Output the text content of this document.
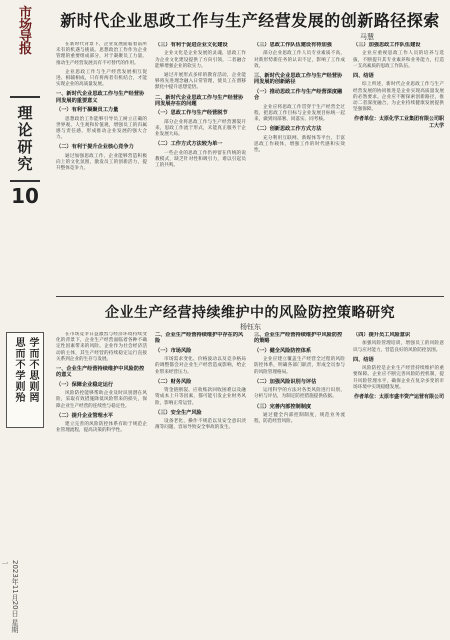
市
场
导
报
理论研究
10
学而不思则罔
思而不学则殆
2023年11月20日 星期一
新时代企业思政工作与生产经营发展的创新路径探索
马慧
在新时代背景下，企业发展面临着前所未有的机遇与挑战。思想政治工作作为企业管理的重要组成部分，对于凝聚员工力量、推动生产经营发展具有不可替代的作用。
企业思政工作与生产经营发展相互促进、相辅相成，只有将两者有机结合，才能实现企业的高质量发展。
一、新时代企业思政工作与生产经营协同发展的重要意义
（一）有利于凝聚员工力量
思想政治工作能够引导员工树立正确的世界观、人生观和价值观，增强员工的归属感与责任感，形成推动企业发展的强大合力。
（二）有利于提升企业核心竞争力
通过加强思政工作，企业能够营造积极向上的文化氛围，激发员工的创新活力，提升整体竞争力。
（三）有利于促进企业文化建设
企业文化是企业发展的灵魂，思政工作为企业文化建设提供了方向引领，二者融合能够增强企业的软实力。
通过开展形式多样的教育活动，企业能够将先进理念融入日常管理，使员工在潜移默化中提升思想觉悟。
二、新时代企业思政工作与生产经营协同发展存在的问题
（一）思政工作与生产经营脱节
部分企业将思政工作与生产经营割裂开来，思政工作流于形式，未能真正服务于企业发展大局。
（二）工作方式方法较为单一
一些企业的思政工作仍停留在传统的说教模式，缺乏针对性和吸引力，难以引起员工的共鸣。
（三）思政工作队伍建设有待加强
部分企业思政工作人员专业素质不高，对新形势新任务的认识不足，影响了工作成效。
三、新时代企业思政工作与生产经营协同发展的创新路径
（一）推动思政工作与生产经营深度融合
企业应将思政工作贯穿于生产经营全过程，把思政工作目标与企业发展目标统一起来，做到同部署、同落实、同考核。
（二）创新思政工作方式方法
充分利用互联网、新媒体等平台，丰富思政工作载体，增强工作的时代感和实效性。
（三）加强思政工作队伍建设
企业应重视思政工作人员的培养与选拔，不断提升其专业素养和业务能力，打造一支高素质的思政工作队伍。
四、结语
综上所述，新时代企业思政工作与生产经营发展的协同推进是企业实现高质量发展的必然要求。企业应不断探索创新路径，推动二者深度融合，为企业持续健康发展提供坚强保障。
作者单位：太原化学工业集团有限公司职工大学
企业生产经营持续维护中的风险防控策略研究
杨钰东
在市场竞争日益激烈与经济环境持续变化的背景下，企业生产经营面临着各种不确定性因素带来的风险。企业作为社会经济活动的主体，其生产经营的持续稳定运行直接关系到企业的生存与发展。
一、企业生产经营持续维护中风险防控的意义
（一）保障企业稳定运行
风险防控能够帮助企业及时识别潜在风险，采取有效措施降低风险带来的损失，保障企业生产经营的连续性与稳定性。
（二）提升企业管理水平
建立完善的风险防控体系有助于规范企业管理流程，提高决策的科学性。
二、企业生产经营持续维护中存在的风险
（一）市场风险
市场需求变化、价格波动以及竞争格局的调整都会对企业生产经营造成影响，给企业带来经营压力。
（二）财务风险
资金链断裂、应收账款回收困难以及融资成本上升等因素，都可能引发企业财务风险，影响正常运营。
（三）安全生产风险
设备老化、操作不规范以及安全意识淡薄等问题，容易导致安全事故的发生。
三、企业生产经营持续维护中风险防控的策略
（一）健全风险防控体系
企业应建立覆盖生产经营全过程的风险防控体系，明确各部门职责，形成全员参与的风险管理格局。
（二）加强风险识别与评估
运用科学的方法对各类风险进行识别、分析与评估，为制定防控措施提供依据。
（三）完善内部控制制度
通过健全内部控制制度，规范业务流程，防范经营风险。
（四）提升员工风险意识
加强风险管理培训，增强员工的风险意识与应对能力，营造良好的风险防控氛围。
四、结语
风险防控是企业生产经营持续维护的重要保障。企业应不断完善风险防控机制，提升风险管理水平，确保企业在复杂多变的市场环境中实现稳健发展。
作者单位：太原市盛丰资产运营有限公司
